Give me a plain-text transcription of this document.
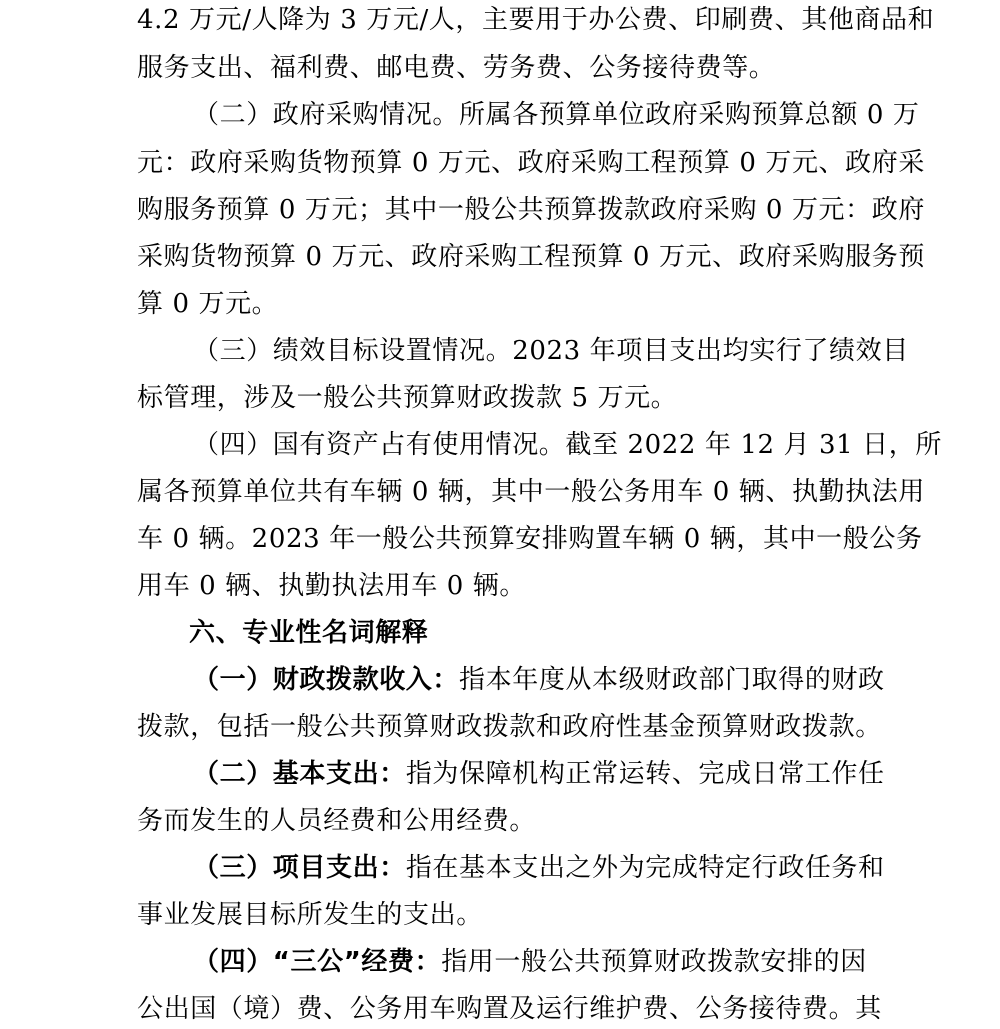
4.2 万元/人降为 3 万元/人，主要用于办公费、印刷费、其他商品和
服务支出、福利费、邮电费、劳务费、公务接待费等。
（二）政府采购情况。所属各预算单位政府采购预算总额 0 万
元：政府采购货物预算 0 万元、政府采购工程预算 0 万元、政府采
购服务预算 0 万元；其中一般公共预算拨款政府采购 0 万元：政府
采购货物预算 0 万元、政府采购工程预算 0 万元、政府采购服务预
算 0 万元。
（三）绩效目标设置情况。2023 年项目支出均实行了绩效目
标管理，涉及一般公共预算财政拨款 5 万元。
（四）国有资产占有使用情况。截至 2022 年 12 月 31 日，所
属各预算单位共有车辆 0 辆，其中一般公务用车 0 辆、执勤执法用
车 0 辆。2023 年一般公共预算安排购置车辆 0 辆，其中一般公务
用车 0 辆、执勤执法用车 0 辆。
六、专业性名词解释
（一）财政拨款收入：指本年度从本级财政部门取得的财政
拨款，包括一般公共预算财政拨款和政府性基金预算财政拨款。
（二）基本支出：指为保障机构正常运转、完成日常工作任
务而发生的人员经费和公用经费。
（三）项目支出：指在基本支出之外为完成特定行政任务和
事业发展目标所发生的支出。
（四）“三公”经费：指用一般公共预算财政拨款安排的因
公出国（境）费、公务用车购置及运行维护费、公务接待费。其
